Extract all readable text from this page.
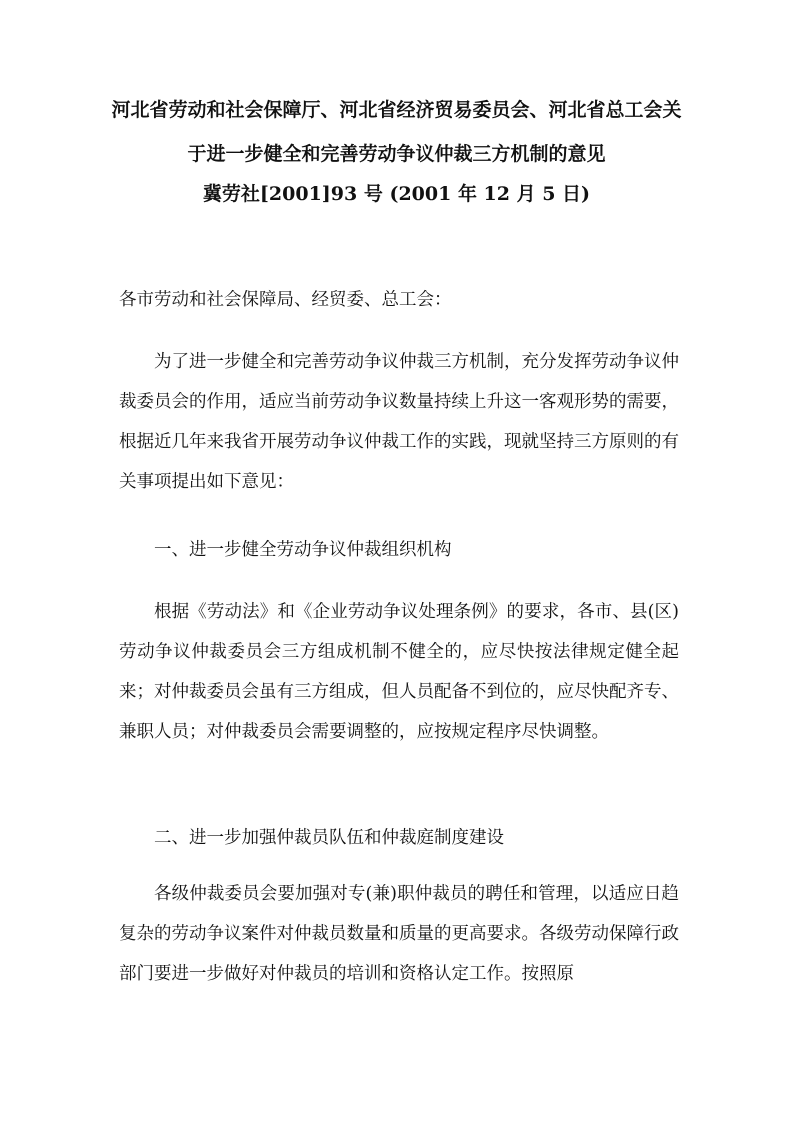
河北省劳动和社会保障厅、河北省经济贸易委员会、河北省总工会关
于进一步健全和完善劳动争议仲裁三方机制的意见
冀劳社[2001]93 号 (2001 年 12 月 5 日)
各市劳动和社会保障局、经贸委、总工会：

为了进一步健全和完善劳动争议仲裁三方机制，充分发挥劳动争议仲裁委员会的作用，适应当前劳动争议数量持续上升这一客观形势的需要，根据近几年来我省开展劳动争议仲裁工作的实践，现就坚持三方原则的有关事项提出如下意见：

一、进一步健全劳动争议仲裁组织机构

根据《劳动法》和《企业劳动争议处理条例》的要求，各市、县(区)劳动争议仲裁委员会三方组成机制不健全的，应尽快按法律规定健全起来；对仲裁委员会虽有三方组成，但人员配备不到位的，应尽快配齐专、兼职人员；对仲裁委员会需要调整的，应按规定程序尽快调整。

二、进一步加强仲裁员队伍和仲裁庭制度建设

各级仲裁委员会要加强对专(兼)职仲裁员的聘任和管理，以适应日趋复杂的劳动争议案件对仲裁员数量和质量的更高要求。各级劳动保障行政部门要进一步做好对仲裁员的培训和资格认定工作。按照原
